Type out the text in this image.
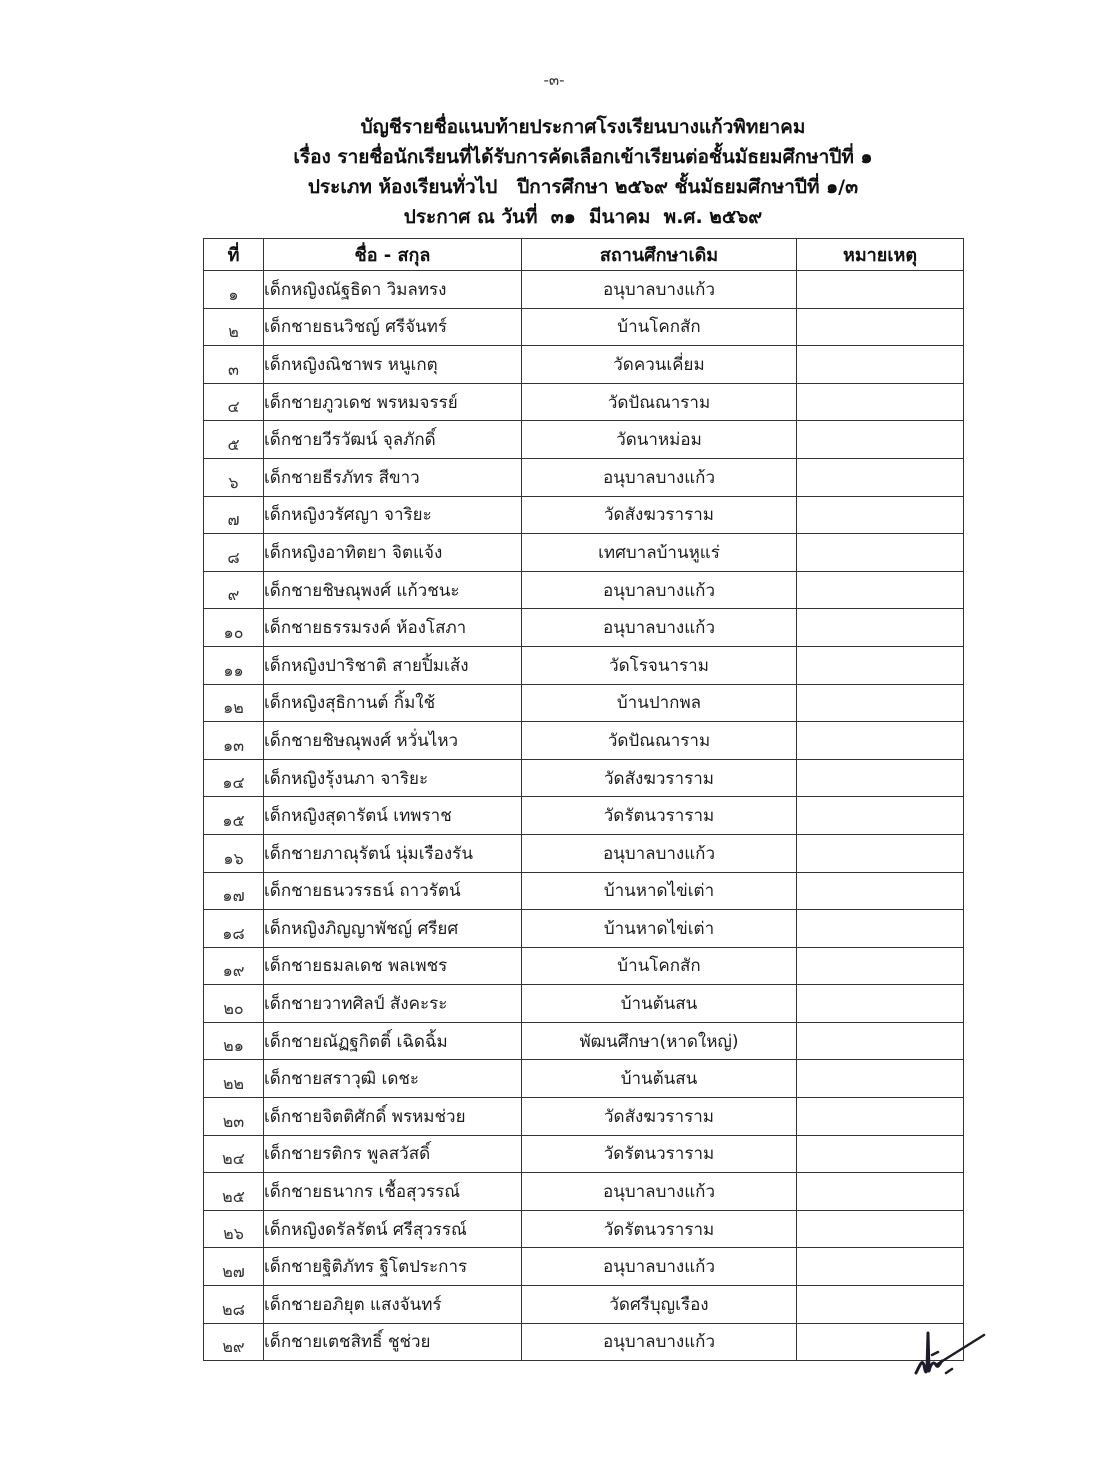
-๓-
บัญชีรายชื่อแนบท้ายประกาศโรงเรียนบางแก้วพิทยาคม
เรื่อง รายชื่อนักเรียนที่ได้รับการคัดเลือกเข้าเรียนต่อชั้นมัธยมศึกษาปีที่ ๑
ประเภท ห้องเรียนทั่วไป   ปีการศึกษา ๒๕๖๙ ชั้นมัธยมศึกษาปีที่ ๑/๓
ประกาศ ณ วันที่  ๓๑  มีนาคม  พ.ศ. ๒๕๖๙
ที่	ชื่อ - สกุล	สถานศึกษาเดิม	หมายเหตุ
๑	เด็กหญิงณัฐธิดา วิมลทรง	อนุบาลบางแก้ว	
๒	เด็กชายธนวิชญ์ ศรีจันทร์	บ้านโคกสัก	
๓	เด็กหญิงณิชาพร หนูเกตุ	วัดควนเคี่ยม	
๔	เด็กชายภูวเดช พรหมจรรย์	วัดปัณณาราม	
๕	เด็กชายวีรวัฒน์ จุลภักดิ์	วัดนาหม่อม	
๖	เด็กชายธีรภัทร สีขาว	อนุบาลบางแก้ว	
๗	เด็กหญิงวรัศญา จาริยะ	วัดสังฆวราราม	
๘	เด็กหญิงอาทิตยา จิตแจ้ง	เทศบาลบ้านหูแร่	
๙	เด็กชายชิษณุพงศ์ แก้วชนะ	อนุบาลบางแก้ว	
๑๐	เด็กชายธรรมรงค์ ห้องโสภา	อนุบาลบางแก้ว	
๑๑	เด็กหญิงปาริชาติ สายปิ้มเส้ง	วัดโรจนาราม	
๑๒	เด็กหญิงสุธิกานต์ กิ้มใช้	บ้านปากพล	
๑๓	เด็กชายชิษณุพงศ์ หวั่นไหว	วัดปัณณาราม	
๑๔	เด็กหญิงรุ้งนภา จาริยะ	วัดสังฆวราราม	
๑๕	เด็กหญิงสุดารัตน์ เทพราช	วัดรัตนวราราม	
๑๖	เด็กชายภาณุรัตน์ นุ่มเรืองรัน	อนุบาลบางแก้ว	
๑๗	เด็กชายธนวรรธน์ ถาวรัตน์	บ้านหาดไข่เต่า	
๑๘	เด็กหญิงภิญญาพัชญ์ ศรียศ	บ้านหาดไข่เต่า	
๑๙	เด็กชายธมลเดช พลเพชร	บ้านโคกสัก	
๒๐	เด็กชายวาทศิลป์ สังคะระ	บ้านต้นสน	
๒๑	เด็กชายณัฏฐกิตติ์ เฉิดฉิ้ม	พัฒนศึกษา(หาดใหญ่)	
๒๒	เด็กชายสราวุฒิ เดชะ	บ้านต้นสน	
๒๓	เด็กชายจิตติศักดิ์ พรหมช่วย	วัดสังฆวราราม	
๒๔	เด็กชายรติกร พูลสวัสดิ์	วัดรัตนวราราม	
๒๕	เด็กชายธนากร เชื้อสุวรรณ์	อนุบาลบางแก้ว	
๒๖	เด็กหญิงดรัลรัตน์ ศรีสุวรรณ์	วัดรัตนวราราม	
๒๗	เด็กชายฐิติภัทร ฐิโตประการ	อนุบาลบางแก้ว	
๒๘	เด็กชายอภิยุต แสงจันทร์	วัดศรีบุญเรือง	
๒๙	เด็กชายเตชสิทธิ์ ชูช่วย	อนุบาลบางแก้ว	
